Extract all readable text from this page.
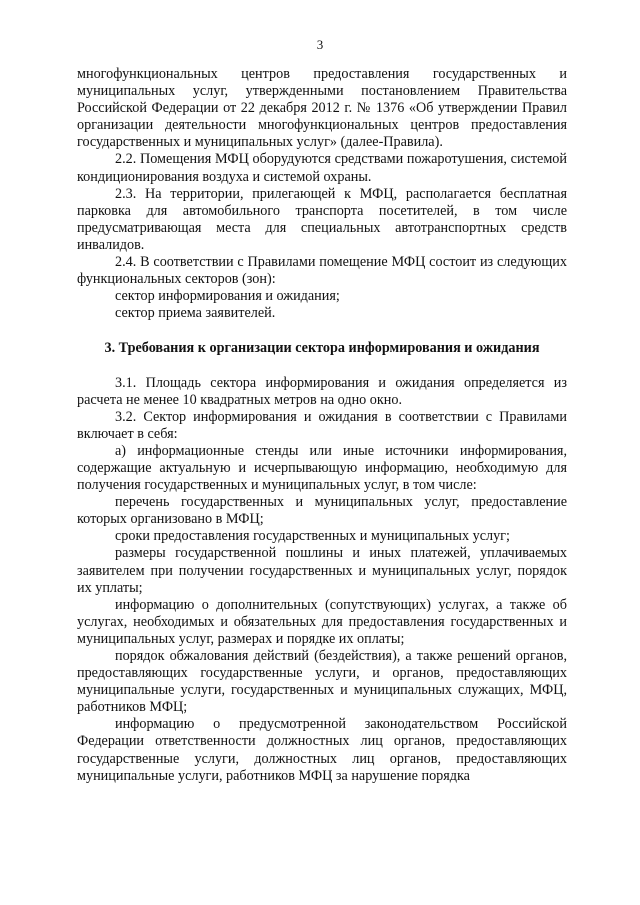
3

многофункциональных центров предоставления государственных и муниципальных услуг, утвержденными постановлением Правительства Российской Федерации от 22 декабря 2012 г. № 1376 «Об утверждении Правил организации деятельности многофункциональных центров предоставления государственных и муниципальных услуг» (далее-Правила).

2.2. Помещения МФЦ оборудуются средствами пожаротушения, системой кондиционирования воздуха и системой охраны.

2.3. На территории, прилегающей к МФЦ, располагается бесплатная парковка для автомобильного транспорта посетителей, в том числе предусматривающая места для специальных автотранспортных средств инвалидов.

2.4. В соответствии с Правилами помещение МФЦ состоит из следующих функциональных секторов (зон):

сектор информирования и ожидания;

сектор приема заявителей.

3. Требования к организации сектора информирования и ожидания

3.1. Площадь сектора информирования и ожидания определяется из расчета не менее 10 квадратных метров на одно окно.

3.2. Сектор информирования и ожидания в соответствии с Правилами включает в себя:

а) информационные стенды или иные источники информирования, содержащие актуальную и исчерпывающую информацию, необходимую для получения государственных и муниципальных услуг, в том числе:

перечень государственных и муниципальных услуг, предоставление которых организовано в МФЦ;

сроки предоставления государственных и муниципальных услуг;

размеры государственной пошлины и иных платежей, уплачиваемых заявителем при получении государственных и муниципальных услуг, порядок их уплаты;

информацию о дополнительных (сопутствующих) услугах, а также об услугах, необходимых и обязательных для предоставления государственных и муниципальных услуг, размерах и порядке их оплаты;

порядок обжалования действий (бездействия), а также решений органов, предоставляющих государственные услуги, и органов, предоставляющих муниципальные услуги, государственных и муниципальных служащих, МФЦ, работников МФЦ;

информацию о предусмотренной законодательством Российской Федерации ответственности должностных лиц органов, предоставляющих государственные услуги, должностных лиц органов, предоставляющих муниципальные услуги, работников МФЦ за нарушение порядка
